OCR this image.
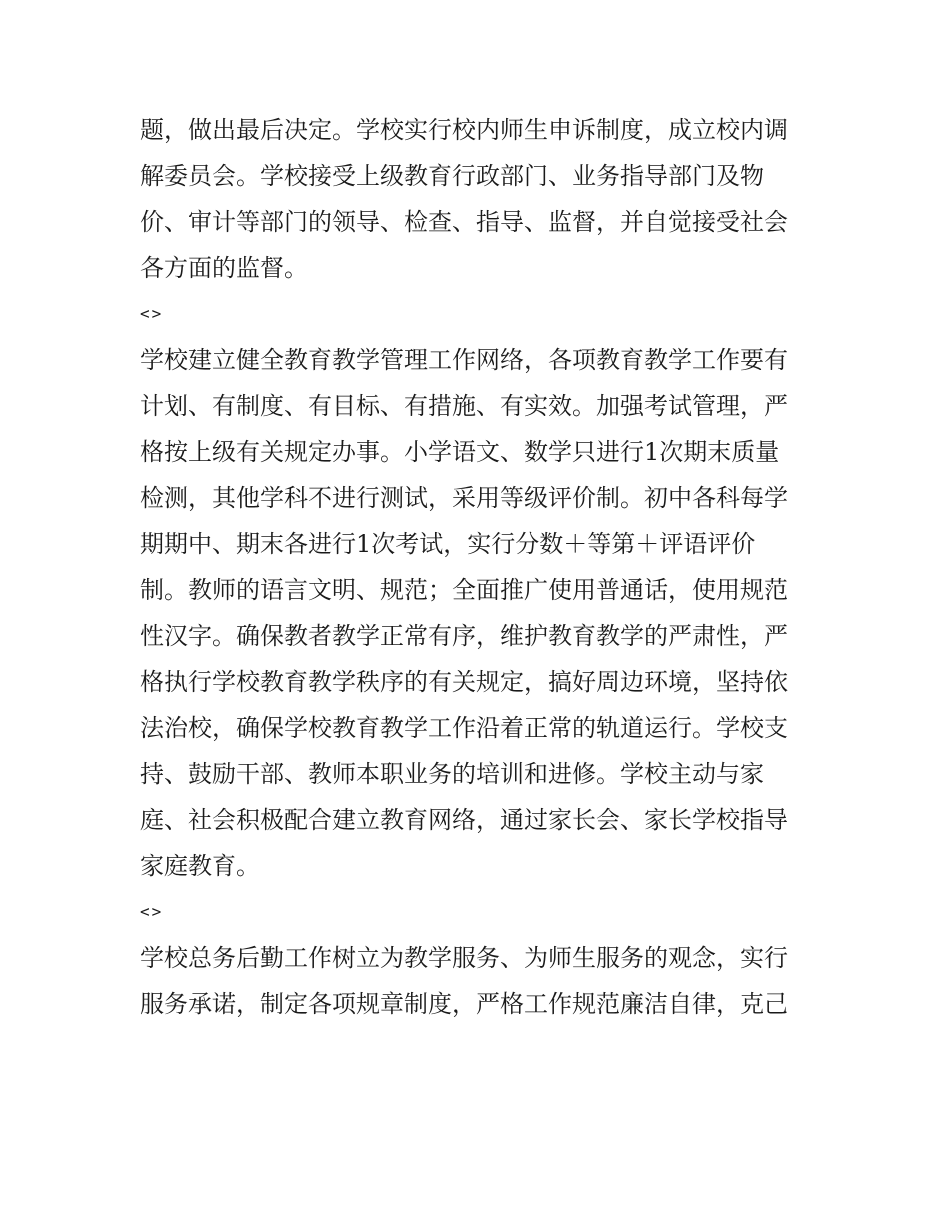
题，做出最后决定。学校实行校内师生申诉制度，成立校内调
解委员会。学校接受上级教育行政部门、业务指导部门及物
价、审计等部门的领导、检查、指导、监督，并自觉接受社会
各方面的监督。
<>
学校建立健全教育教学管理工作网络，各项教育教学工作要有
计划、有制度、有目标、有措施、有实效。加强考试管理，严
格按上级有关规定办事。小学语文、数学只进行1次期末质量
检测，其他学科不进行测试，采用等级评价制。初中各科每学
期期中、期末各进行1次考试，实行分数＋等第＋评语评价
制。教师的语言文明、规范；全面推广使用普通话，使用规范
性汉字。确保教者教学正常有序，维护教育教学的严肃性，严
格执行学校教育教学秩序的有关规定，搞好周边环境，坚持依
法治校，确保学校教育教学工作沿着正常的轨道运行。学校支
持、鼓励干部、教师本职业务的培训和进修。学校主动与家
庭、社会积极配合建立教育网络，通过家长会、家长学校指导
家庭教育。
<>
学校总务后勤工作树立为教学服务、为师生服务的观念，实行
服务承诺，制定各项规章制度，严格工作规范廉洁自律，克己
